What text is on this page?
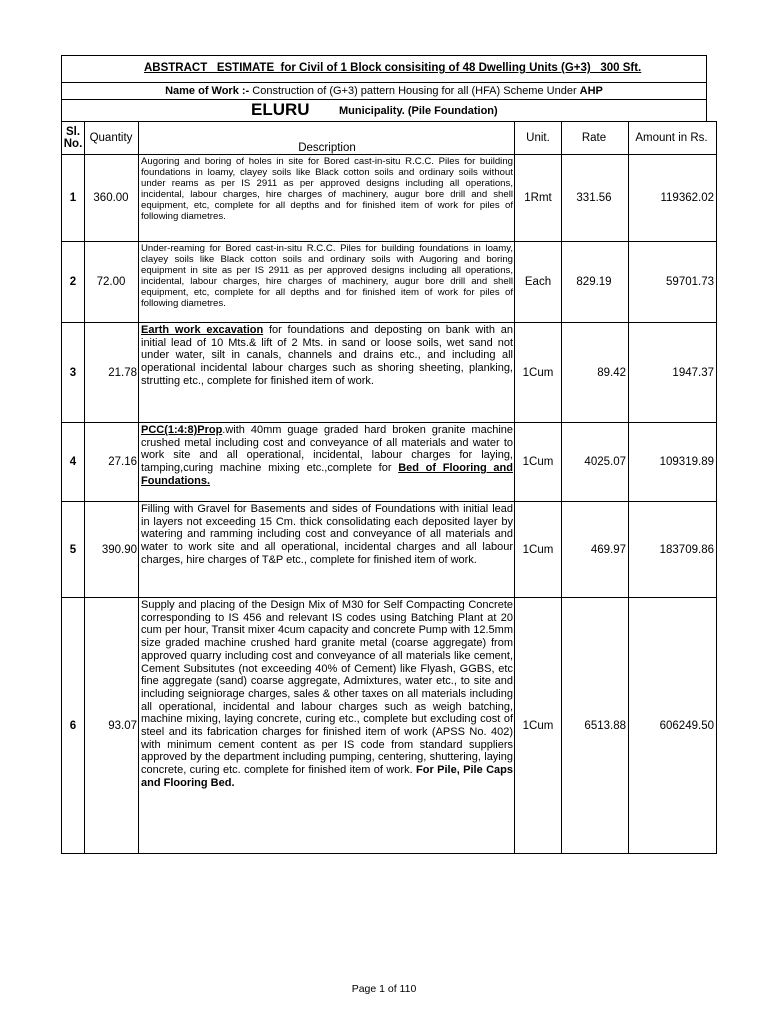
ABSTRACT   ESTIMATE  for Civil of 1 Block consisiting of 48 Dwelling Units (G+3)   300 Sft.
Name of Work :- Construction of (G+3) pattern Housing for all (HFA) Scheme Under AHP
ELURU	Municipality. (Pile Foundation)
Sl. No.	Quantity	Description	Unit.	Rate	Amount in Rs.
1	360.00	Augoring and boring of holes in site for Bored cast-in-situ R.C.C. Piles for building foundations in loamy, clayey soils like Black cotton soils and ordinary soils without under reams as per IS 2911 as per approved designs including all operations, incidental, labour charges, hire charges of machinery, augur bore drill and shell equipment, etc, complete for all depths and for finished item of work for piles of following diametres.	1Rmt	331.56	119362.02
2	72.00	Under-reaming for Bored cast-in-situ R.C.C. Piles for building foundations in loamy, clayey soils like Black cotton soils and ordinary soils with Augoring and boring equipment in site as per IS 2911 as per approved designs including all operations, incidental, labour charges, hire charges of machinery, augur bore drill and shell equipment, etc, complete for all depths and for finished item of work for piles of following diametres.	Each	829.19	59701.73
3	21.78	Earth work excavation for foundations and deposting on bank with an initial lead of 10 Mts.& lift of 2 Mts. in sand or loose soils, wet sand not under water, silt in canals, channels and drains etc., and including all operational incidental labour charges such as shoring sheeting, planking, strutting etc., complete for finished item of work.	1Cum	89.42	1947.37
4	27.16	PCC(1:4:8)Prop.with 40mm guage graded hard broken granite machine crushed metal including cost and conveyance of all materials and water to work site and all operational, incidental, labour charges for laying, tamping,curing machine mixing etc.,complete for Bed of Flooring and Foundations.	1Cum	4025.07	109319.89
5	390.90	Filling with Gravel for Basements and sides of Foundations with initial lead in layers not exceeding 15 Cm. thick consolidating each deposited layer by watering and ramming including cost and conveyance of all materials and water to work site and all operational, incidental charges and all labour charges, hire charges of T&P etc., complete for finished item of work.	1Cum	469.97	183709.86
6	93.07	Supply and placing of the Design Mix of M30 for Self Compacting Concrete corresponding to IS 456 and relevant IS codes using Batching Plant at 20 cum per hour, Transit mixer 4cum capacity and concrete Pump with 12.5mm size graded machine crushed hard granite metal (coarse aggregate) from approved quarry including cost and conveyance of all materials like cement, Cement Subsitutes (not exceeding 40% of Cement) like Flyash, GGBS, etc fine aggregate (sand) coarse aggregate, Admixtures, water etc., to site and including seigniorage charges, sales & other taxes on all materials including all operational, incidental and labour charges such as weigh batching, machine mixing, laying concrete, curing etc., complete but excluding cost of steel and its fabrication charges for finished item of work (APSS No. 402) with minimum cement content as per IS code from standard suppliers approved by the department including pumping, centering, shuttering, laying concrete, curing etc. complete for finished item of work. For Pile, Pile Caps and Flooring Bed.	1Cum	6513.88	606249.50
Page 1 of 110
